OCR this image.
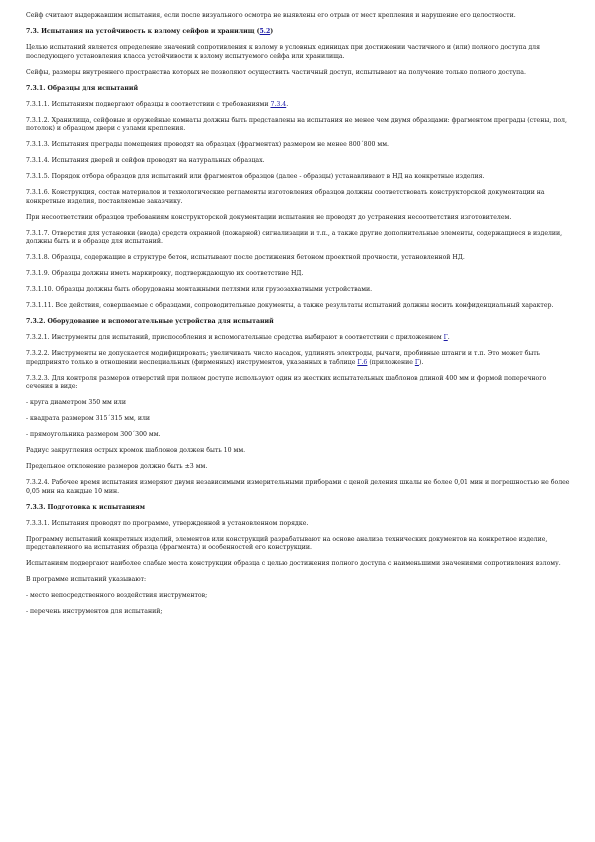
Сейф считают выдержавшим испытания, если после визуального осмотра не выявлены его отрыв от мест крепления и нарушение его целостности.
7.3. Испытания на устойчивость к взлому сейфов и хранилищ (5.2)
Целью испытаний является определение значений сопротивления к взлому в условных единицах при достижении частичного и (или) полного доступа для последующего установления класса устойчивости к взлому испытуемого сейфа или хранилища.
Сейфы, размеры внутреннего пространства которых не позволяют осуществить частичный доступ, испытывают на получение только полного доступа.
7.3.1. Образцы для испытаний
7.3.1.1. Испытаниям подвергают образцы в соответствии с требованиями 7.3.4.
7.3.1.2. Хранилища, сейфовые и оружейные комнаты должны быть представлены на испытания не менее чем двумя образцами: фрагментом преграды (стены, пол, потолок) и образцом двери с узлами крепления.
7.3.1.3. Испытания преграды помещения проводят на образцах (фрагментах) размером не менее 800´800 мм.
7.3.1.4. Испытания дверей и сейфов проводят на натуральных образцах.
7.3.1.5. Порядок отбора образцов для испытаний или фрагментов образцов (далее - образцы) устанавливают в НД на конкретные изделия.
7.3.1.6. Конструкция, состав материалов и технологические регламенты изготовления образцов должны соответствовать конструкторской документации на конкретные изделия, поставляемые заказчику.
При несоответствии образцов требованиям конструкторской документации испытания не проводят до устранения несоответствия изготовителем.
7.3.1.7. Отверстия для установки (ввода) средств охранной (пожарной) сигнализации и т.п., а также другие дополнительные элементы, содержащиеся в изделии, должны быть и в образце для испытаний.
7.3.1.8. Образцы, содержащие в структуре бетон, испытывают после достижения бетоном проектной прочности, установленной НД.
7.3.1.9. Образцы должны иметь маркировку, подтверждающую их соответствие НД.
7.3.1.10. Образцы должны быть оборудованы монтажными петлями или грузозахватными устройствами.
7.3.1.11. Все действия, совершаемые с образцами, сопроводительные документы, а также результаты испытаний должны носить конфиденциальный характер.
7.3.2. Оборудование и вспомогательные устройства для испытаний
7.3.2.1. Инструменты для испытаний, приспособления и вспомогательные средства выбирают в соответствии с приложением Г.
7.3.2.2. Инструменты не допускается модифицировать; увеличивать число насадок, удлинять электроды, рычаги, пробивные штанги и т.п. Это может быть предпринято только в отношении неспециальных (фирменных) инструментов, указанных в таблице Г.6 (приложение Г).
7.3.2.3. Для контроля размеров отверстий при полном доступе используют один из жестких испытательных шаблонов длиной 400 мм и формой поперечного сечения в виде:
- круга диаметром 350 мм или
- квадрата размером 315´315 мм, или
- прямоугольника размером 300´300 мм.
Радиус закругления острых кромок шаблонов должен быть 10 мм.
Предельное отклонение размеров должно быть ±3 мм.
7.3.2.4. Рабочее время испытания измеряют двумя независимыми измерительными приборами с ценой деления шкалы не более 0,01 мин и погрешностью не более 0,05 мин на каждые 10 мин.
7.3.3. Подготовка к испытаниям
7.3.3.1. Испытания проводят по программе, утвержденной в установленном порядке.
Программу испытаний конкретных изделий, элементов или конструкций разрабатывают на основе анализа технических документов на конкретное изделие, представленного на испытания образца (фрагмента) и особенностей его конструкции.
Испытаниям подвергают наиболее слабые места конструкции образца с целью достижения полного доступа с наименьшими значениями сопротивления взлому.
В программе испытаний указывают:
- место непосредственного воздействия инструментов;
- перечень инструментов для испытаний;
